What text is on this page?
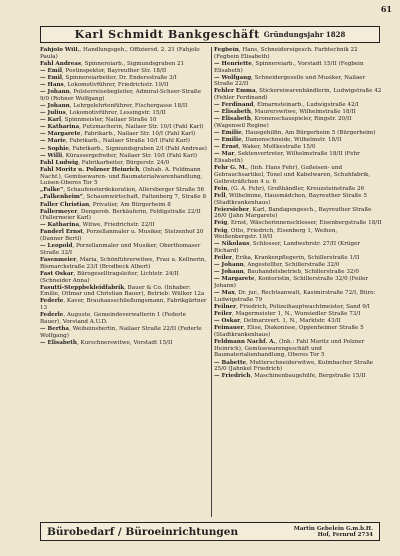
61
Karl Schmidt Bankgeschäft Gründungsjahr 1828
Fahjolo Will., Handlungsgeh., Offiziersd. 2. 21 (Fahjolo Paula)
Fahl Andreas, Spinnereiarb., Sigmundsgraben 21
— Emil, Postinspektor, Bayreuther Str. 18/II
— Emil, Spinnereiarbeiter, Dr. Endersstraße 3/I
— Hans, Lokomotivführer, Friedrichstr. 19/II
— Johann, Polsterreisebegleiter, Admiral-Scheer-Straße 9/0 (Rohner Wolfgang)
— Johann, Lehrgelehrtenführer, Fischergasse 18/II
— Julius, Lokomotivführer, Lessingstr. 15/II
— Karl, Spinnmeister, Nailaer Straße 10
— Katharina, Putzmacherin, Nailaer Str. 10/I (Fahl Karl)
— Margarete, Fabrikarb., Nailaer Str. 10/I (Fahl Karl)
— Marie, Fabrikarb., Nailaer Straße 10/I (Fahl Karl)
— Sophie, Fabrikarb., Sigmundsgraben 2/I (Fahl Andreas)
— Willi, Kürassergefreiter, Nailaer Str. 10/I (Fahl Karl)
Fahl Ludwig, Fabrikarbeiter, Bürgerstr. 24/0
Fahl Moritz u. Polzner Heinrich, (Inhab. A. Feldmann Nachf.), Gemüsewaren- und Baumaterialwarenhandlung, Luisen-Oberes Tor 5
„Falke“, Schaufensterdekoration, Allersberger Straße 56
„Falkenheim“, Schaumwirtschaft, Faltenberg 7, Straße 8
Faller Christian, Privatier, Am Bürgerheim 8
Fallermeyer, Dengerob. Berkäuferin, Feldigstraße 22/II (Fallermeier Karl)
— Katharina, Witwe, Friedrichstr. 22/II
Fanderl Ernst, Porzellanmaler u. Musiker, Stelzenhof 20 (Danner Bertl)
— Leopold, Porzellanmaler und Musiker, Oberthomaser Straße 32/I
Fasenmeier, Maria, Schönführerwitwe, Frau u. Kellnerin, Bismarckstraße 23/I (Brodbeck Albert)
Fast Oskar, Bürogeselltragsleiter, Lichtstr. 24/II (Schneider Anna)
Fasutti-Steppbekleidfabrik, Bauer & Co. (Inhaber: Emilie, Ottmar und Christian Bauer), Betrieb: Wülker 12a
Federle, Kaver, Brauhausschließungsmann, Fabrikgärtner 13
Federle, Auguste, Gemeindeverwalterin 1 (Federle Bauer), Vorstand A.U.D.
— Bertha, Weiheinsbertin, Nailaer Straße 22/II (Federle Wolfgang)
— Elisabeth, Kurschnerswitwe, Vorstadt 15/II
Fegbein, Hans, Schneidereigesch. Farbtechnik 22 (Fegbein Elisabeth)
— Henriette, Spinnereiarb., Vorstadt 15/II (Fegbein Elisabeth)
— Wolfgang, Schneidergeselle und Musiker, Nailaer Straße 22/II
Fehler Emma, Stickereiwarenhändlerin, Ludwigstraße 42 (Fehler Ferdinand)
— Ferdinand, Elmarnsteinarb., Ludwigstraße 42/I
— Elisabeth, Maurerswitwe, Wilhelmstraße 18/II
— Elisabeth, Kronenschauspieler, Ringstr. 20/II (Wagenseil Regine)
— Emilie, Hausgehilfin, Am Bürgerheim 5 (Bürgerheim)
— Emilie, Damenschneide, Wilhelmstr. 18/II
— Ernst, Waker, Moltkestraße 15/0
— Mar, Sektenvertreter, Wilhelmstraße 18/II (Fehr Elisabeth)
Fehr G. M., (Inh. Hans Fehr), Gußeisen- und Gebrauchsartikel, Tonel und Kabelwaren, Schuhfabrik, Gelbrsträßchen 4 u. 6
Fein, (G. A. Fehr), Großhändler, Kreuzsteinstraße 26
Fell, Wilhelmine, Hausmädchen, Bayreuther Straße 5 (Stadtkrankenhaus)
Feiersieber, Karl, Bandagengesch., Bayreuther Straße 26/0 (Jahn Margarete)
Feig, Ernst, Wäscherinnenschlosser, Eisenbergstraße 18/II
Feig, Otto, Friedrich, Eisenberg 1, Weihen, Weißenbergstr. 19/II
— Nikolaus, Schlosser, Landwehrstr. 27/II (Krüger Richard)
Feiler, Erika, Krankenpflegerin, Schillerstraße 1/II
— Johann, Angestellter, Schillerstraße 32/0
— Johann, Bauhandelsbetrieb, Schillerstraße 32/0
— Margarete, Kontoristin, Schillerstraße 32/0 (Feiler Johann)
— Max, Dr. jur., Rechtsanwalt, Kasimirstraße 72/I, Büro: Ludwigstraße 79
Feilner, Friedrich, Polizeihauptwachtmeister, Sand 9/I
Feiler, Magermeister 1, N., Wunsiedler Straße 73/I
— Oskar, Delmarzvert. 1, N., Marktstr. 43/II
Feimauer, Elise, Diakonisse, Oppenheimer Straße 5 (Stadtkrankenhaus)
Feldmann Nachf. A., (Inh.: Fahl Moritz und Polzner Heinrich), Gemüsewarengeschäft und Baumaterialienhandlung, Oberes Tor 5
— Babette, Mutterschneiderwitwe, Kulmbacher Straße 25/0 (Jahnkel Friedrich)
— Friedrich, Maschinenbaugehilfe, Bergstraße 15/II
Bürobedarf / Büroeinrichtungen	Martin Gebelein G.m.b.H.
Hof, Fernruf 2734
